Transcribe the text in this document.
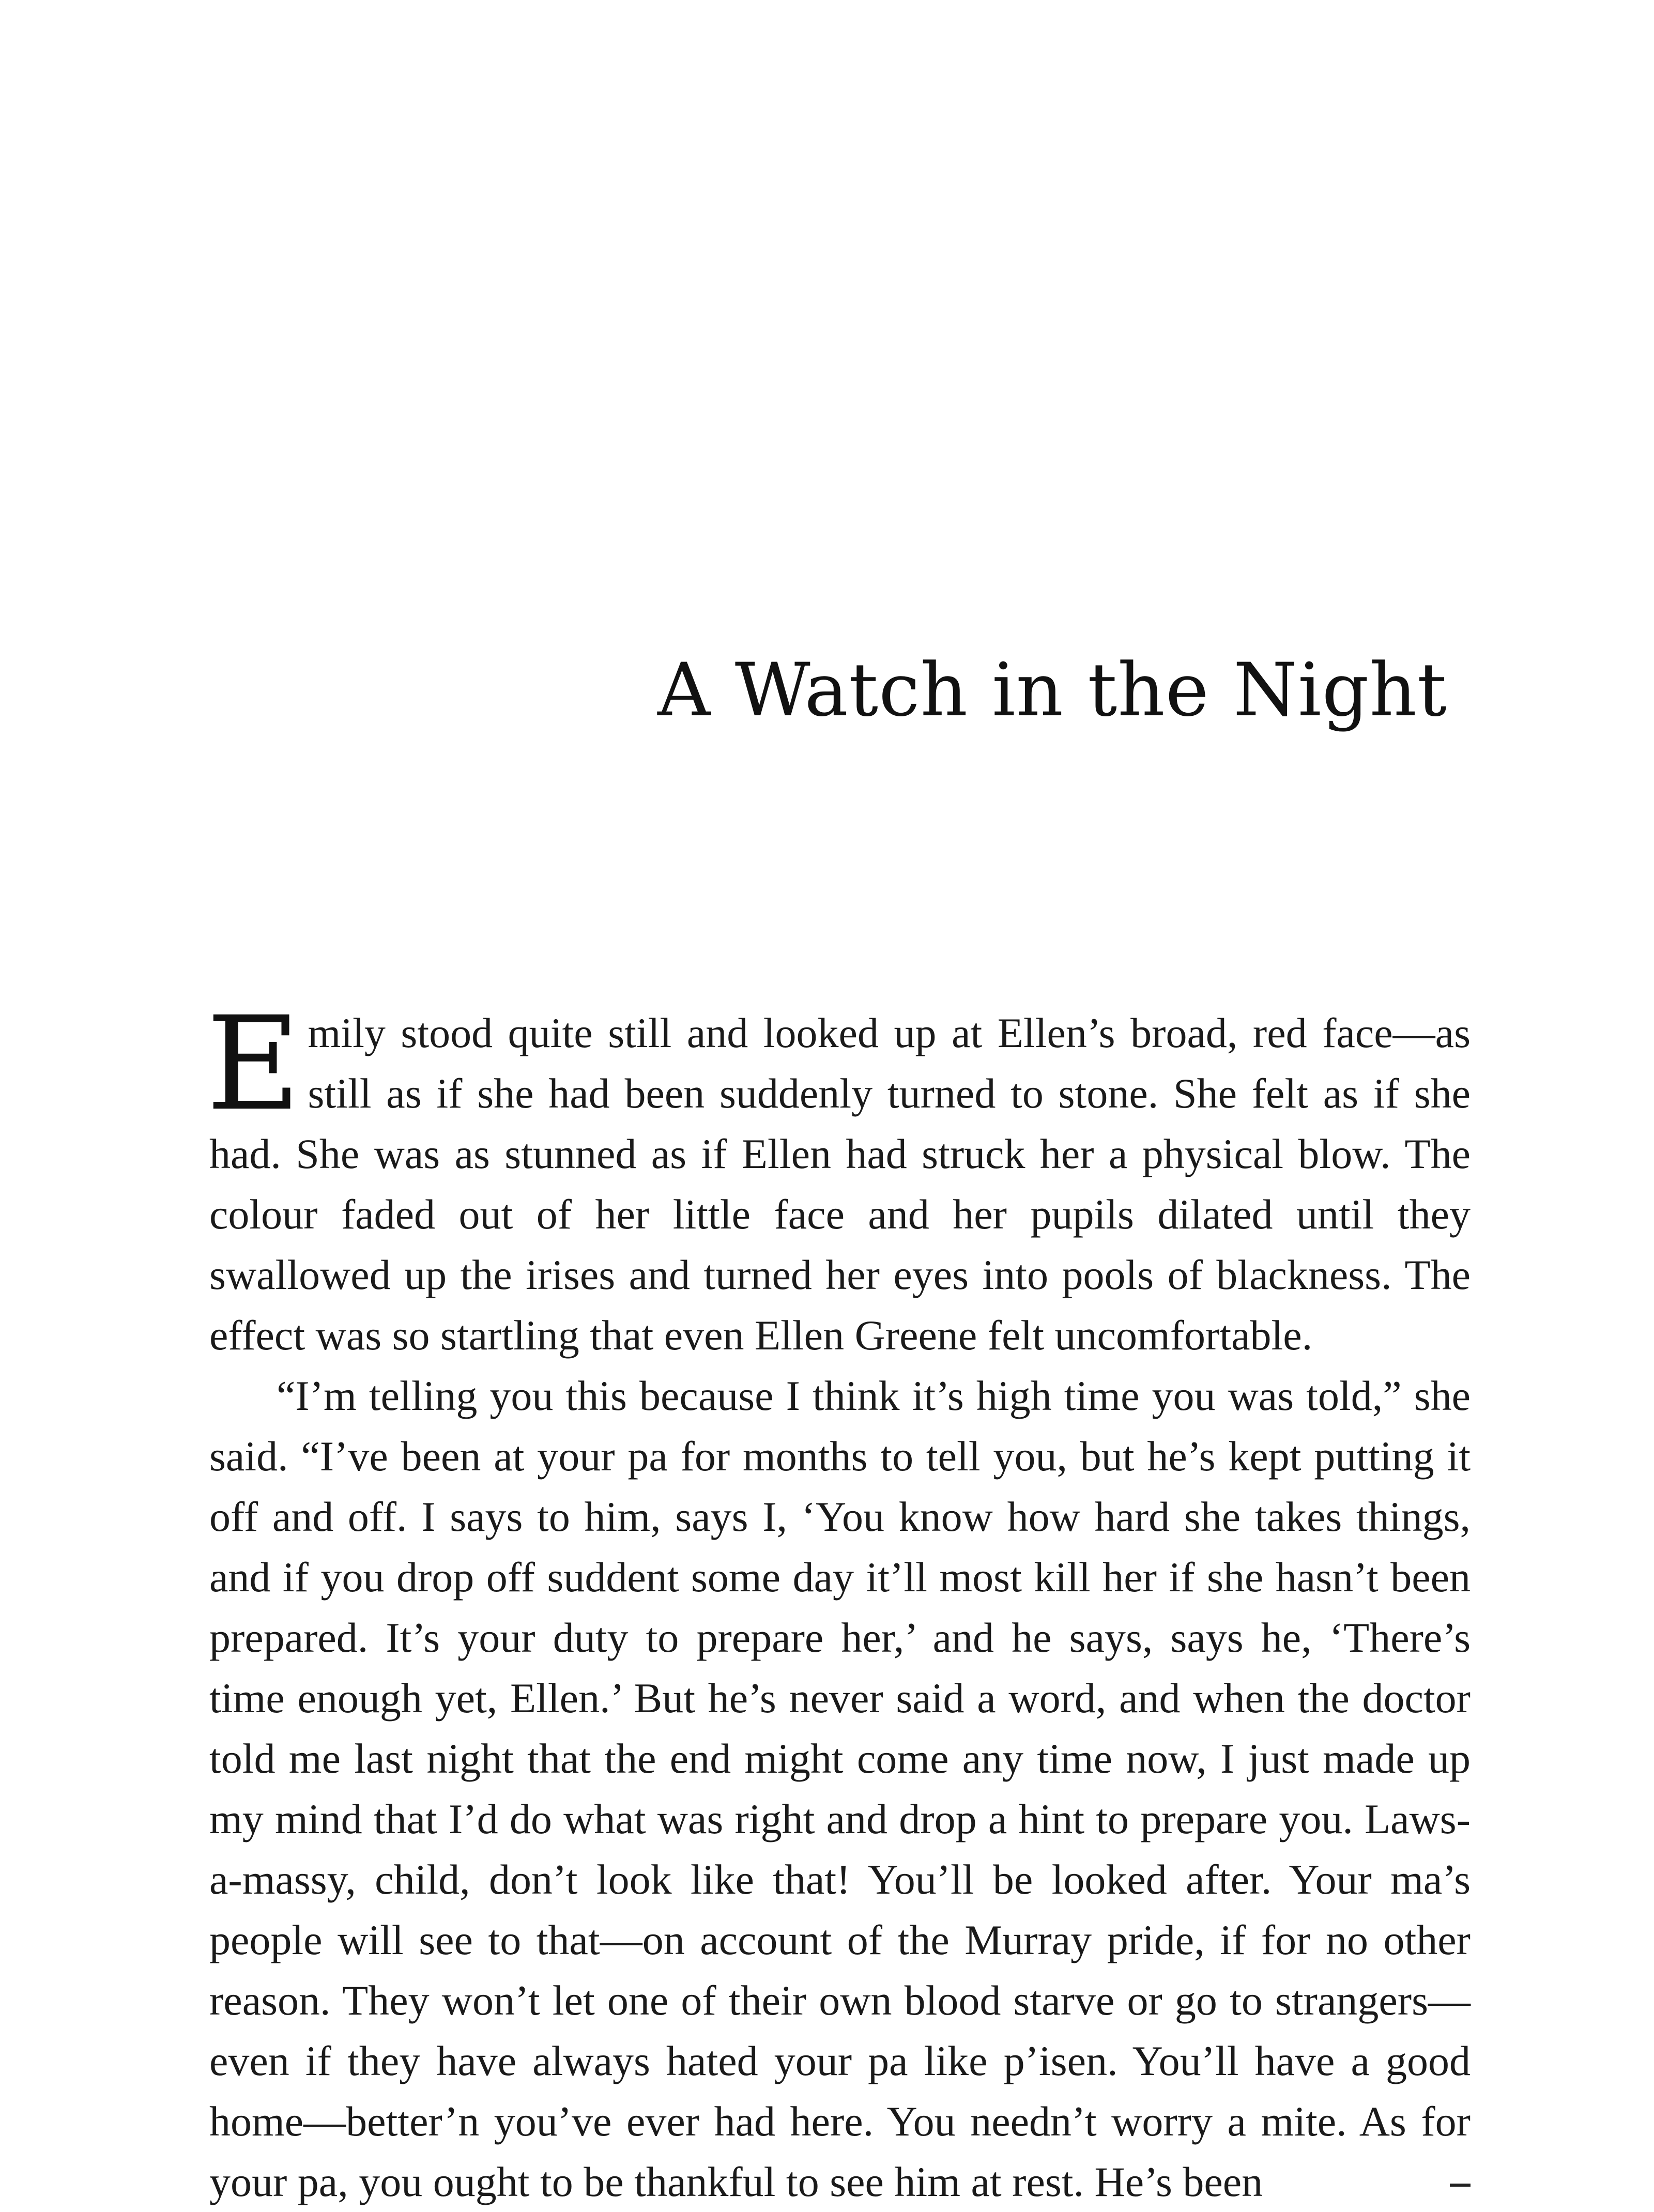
A Watch in the Night

Emily stood quite still and looked up at Ellen’s broad, red face—as still as if she had been suddenly turned to stone. She felt as if she had. She was as stunned as if Ellen had struck her a physical blow. The colour faded out of her little face and her pupils dilated until they swallowed up the irises and turned her eyes into pools of blackness. The effect was so startling that even Ellen Greene felt uncomfortable.

“I’m telling you this because I think it’s high time you was told,” she said. “I’ve been at your pa for months to tell you, but he’s kept putting it off and off. I says to him, says I, ‘You know how hard she takes things, and if you drop off suddent some day it’ll most kill her if she hasn’t been prepared. It’s your duty to prepare her,’ and he says, says he, ‘There’s time enough yet, Ellen.’ But he’s never said a word, and when the doctor told me last night that the end might come any time now, I just made up my mind that I’d do what was right and drop a hint to prepare you. Laws-a-massy, child, don’t look like that! You’ll be looked after. Your ma’s people will see to that—on account of the Murray pride, if for no other reason. They won’t let one of their own blood starve or go to strangers—even if they have always hated your pa like p’isen. You’ll have a good home—better’n you’ve ever had here. You needn’t worry a mite. As for your pa, you ought to be thankful to see him at rest. He’s been
